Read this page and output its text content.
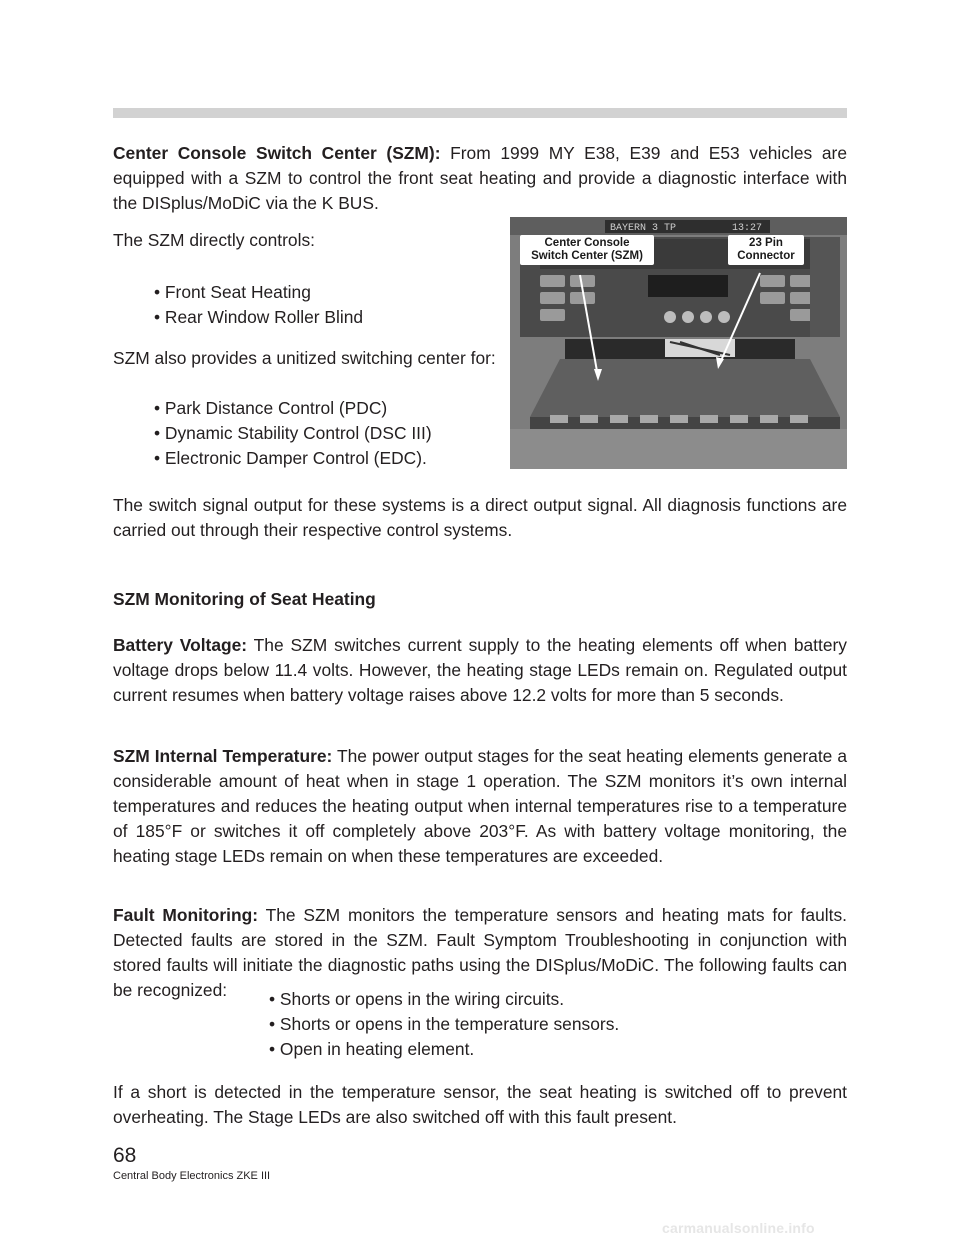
Center Console Switch Center (SZM): From 1999 MY E38, E39 and E53 vehicles are equipped with a SZM to control the front seat heating and provide a diagnostic interface with the DISplus/MoDiC via the K BUS.

The SZM directly controls:

• Front Seat Heating

• Rear Window Roller Blind

SZM also provides a unitized switching center for:

• Park Distance Control (PDC)

• Dynamic Stability Control (DSC III)

• Electronic Damper Control (EDC).

BAYERN 3 TP	13:27
Center Console Switch Center (SZM)
23 Pin Connector

The switch signal output for these systems is a direct output signal. All diagnosis functions are carried out through their respective control systems.

SZM Monitoring of Seat Heating

Battery Voltage: The SZM switches current supply to the heating elements off when battery voltage drops below 11.4 volts. However, the heating stage LEDs remain on. Regulated output current resumes when battery voltage raises above 12.2 volts for more than 5 seconds.

SZM Internal Temperature: The power output stages for the seat heating elements generate a considerable amount of heat when in stage 1 operation. The SZM monitors it’s own internal temperatures and reduces the heating output when internal temperatures rise to a temperature of 185°F or switches it off completely above 203°F. As with battery voltage monitoring, the heating stage LEDs remain on when these temperatures are exceeded.

Fault Monitoring: The SZM monitors the temperature sensors and heating mats for faults. Detected faults are stored in the SZM. Fault Symptom Troubleshooting in conjunction with stored faults will initiate the diagnostic paths using the DISplus/MoDiC. The following faults can be recognized:	• Shorts or opens in the wiring circuits.

• Shorts or opens in the temperature sensors.

• Open in heating element.

If a short is detected in the temperature sensor, the seat heating is switched off to prevent overheating. The Stage LEDs are also switched off with this fault present.

68

Central Body Electronics ZKE III

carmanualsonline.info
